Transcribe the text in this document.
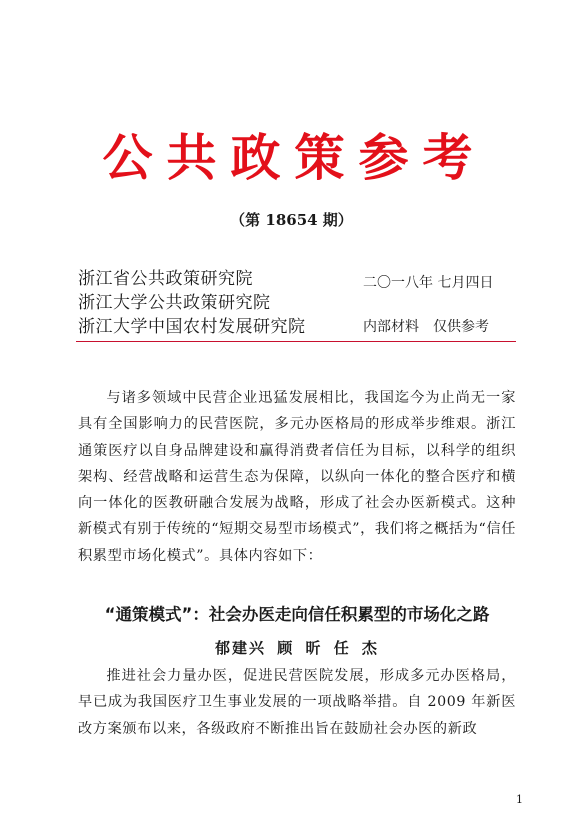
公共政策参考
（第 18654 期）
浙江省公共政策研究院
浙江大学公共政策研究院
浙江大学中国农村发展研究院
二〇一八年 七月四日
内部材料　仅供参考

与诸多领域中民营企业迅猛发展相比，我国迄今为止尚无一家具有全国影响力的民营医院，多元办医格局的形成举步维艰。浙江通策医疗以自身品牌建设和赢得消费者信任为目标，以科学的组织架构、经营战略和运营生态为保障，以纵向一体化的整合医疗和横向一体化的医教研融合发展为战略，形成了社会办医新模式。这种新模式有别于传统的“短期交易型市场模式”，我们将之概括为“信任积累型市场化模式”。具体内容如下：

“通策模式”：社会办医走向信任积累型的市场化之路
郁建兴 顾 昕 任 杰

推进社会力量办医，促进民营医院发展，形成多元办医格局，早已成为我国医疗卫生事业发展的一项战略举措。自 2009 年新医改方案颁布以来，各级政府不断推出旨在鼓励社会办医的新政

1
